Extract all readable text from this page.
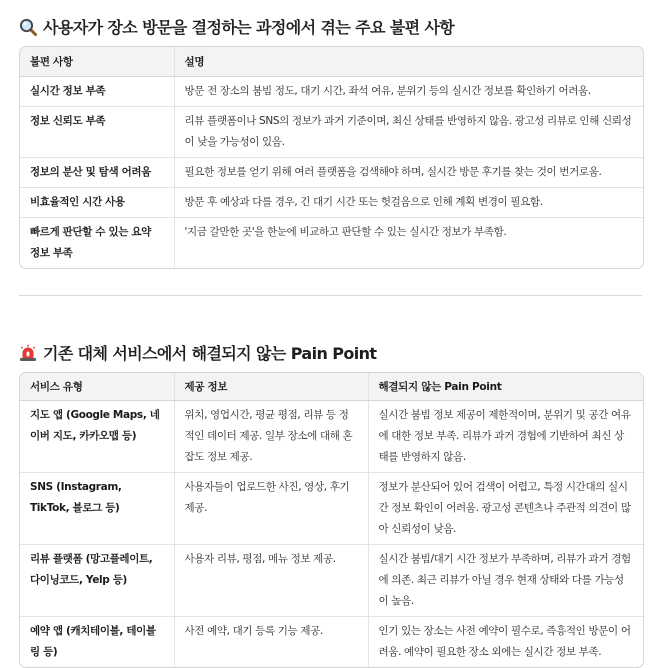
사용자가 장소 방문을 결정하는 과정에서 겪는 주요 불편 사항
불편 사항	설명
실시간 정보 부족	방문 전 장소의 붐빔 정도, 대기 시간, 좌석 여유, 분위기 등의 실시간 정보를 확인하기 어려움.
정보 신뢰도 부족	리뷰 플랫폼이나 SNS의 정보가 과거 기준이며, 최신 상태를 반영하지 않음. 광고성 리뷰로 인해 신뢰성이 낮을 가능성이 있음.
정보의 분산 및 탐색 어려움	필요한 정보를 얻기 위해 여러 플랫폼을 검색해야 하며, 실시간 방문 후기를 찾는 것이 번거로움.
비효율적인 시간 사용	방문 후 예상과 다를 경우, 긴 대기 시간 또는 헛걸음으로 인해 계획 변경이 필요함.
빠르게 판단할 수 있는 요약 정보 부족	'지금 갈만한 곳'을 한눈에 비교하고 판단할 수 있는 실시간 정보가 부족함.
기존 대체 서비스에서 해결되지 않는 Pain Point
서비스 유형	제공 정보	해결되지 않는 Pain Point
지도 앱 (Google Maps, 네이버 지도, 카카오맵 등)	위치, 영업시간, 평균 평점, 리뷰 등 정적인 데이터 제공. 일부 장소에 대해 혼잡도 정보 제공.	실시간 붐빔 정보 제공이 제한적이며, 분위기 및 공간 여유에 대한 정보 부족. 리뷰가 과거 경험에 기반하여 최신 상태를 반영하지 않음.
SNS (Instagram, TikTok, 블로그 등)	사용자들이 업로드한 사진, 영상, 후기 제공.	정보가 분산되어 있어 검색이 어렵고, 특정 시간대의 실시간 정보 확인이 어려움. 광고성 콘텐츠나 주관적 의견이 많아 신뢰성이 낮음.
리뷰 플랫폼 (망고플레이트, 다이닝코드, Yelp 등)	사용자 리뷰, 평점, 메뉴 정보 제공.	실시간 붐빔/대기 시간 정보가 부족하며, 리뷰가 과거 경험에 의존. 최근 리뷰가 아닐 경우 현재 상태와 다를 가능성이 높음.
예약 앱 (캐치테이블, 테이블링 등)	사전 예약, 대기 등록 기능 제공.	인기 있는 장소는 사전 예약이 필수로, 즉흥적인 방문이 어려움. 예약이 필요한 장소 외에는 실시간 정보 부족.
